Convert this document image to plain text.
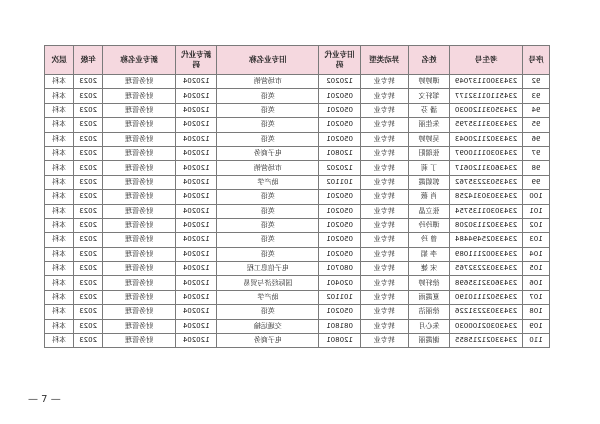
序号	考生号	姓名	异动类型	旧专业代码	旧专业名称	新专业代码	新专业名称	年级	层次
92	23433001137049	谭婷婷	转专业	120202	市场营销	120204	财务管理	2023	本科
93	23451101132177	邹轩文	转专业	050201	英语	120204	财务管理	2023	本科
94	23435031120030	潘 芬	转专业	050201	英语	120204	财务管理	2023	本科
95	23433031135795	朱佳丽	转专业	050201	英语	120204	财务管理	2023	本科
96	23433021120043	吴婷婷	转专业	050201	英语	120204	财务管理	2023	本科
97	23430301110097	张瑞阳	转专业	120801	电子商务	120204	财务管理	2023	本科
98	23436031120617	丁 莉	转专业	120202	市场营销	120204	财务管理	2023	本科
99	23435032235762	郭娟霞	转专业	101102	助产学	120204	财务管理	2023	本科
100	23433030314258	肖 薇	转专业	050201	英语	120204	财务管理	2023	本科
101	23430301135754	张立晶	转专业	050201	英语	120204	财务管理	2023	本科
102	23433021130208	谭玲玲	转专业	050201	英语	120204	财务管理	2023	本科
103	23433025494484	曾 玲	转专业	050201	英语	120204	财务管理	2023	本科
104	23433002111089	李 娟	转专业	050201	英语	120204	财务管理	2023	本科
105	23433032232765	宋 婕	转专业	080701	电子信息工程	120204	财务管理	2023	本科
106	23436032135698	徐轩婷	转专业	020401	国际经济与贸易	120204	财务管理	2023	本科
107	23435021110190	夏霞雨	转专业	101102	助产学	120204	财务管理	2023	本科
108	23433032231226	徐丽洁	转专业	050201	英语	120204	财务管理	2023	本科
109	23430302100030	朱心月	转专业	081801	交通运输	120204	财务管理	2023	本科
110	23433021215855	谢霞丽	转专业	120801	电子商务	120204	财务管理	2023	本科
— 7 —
